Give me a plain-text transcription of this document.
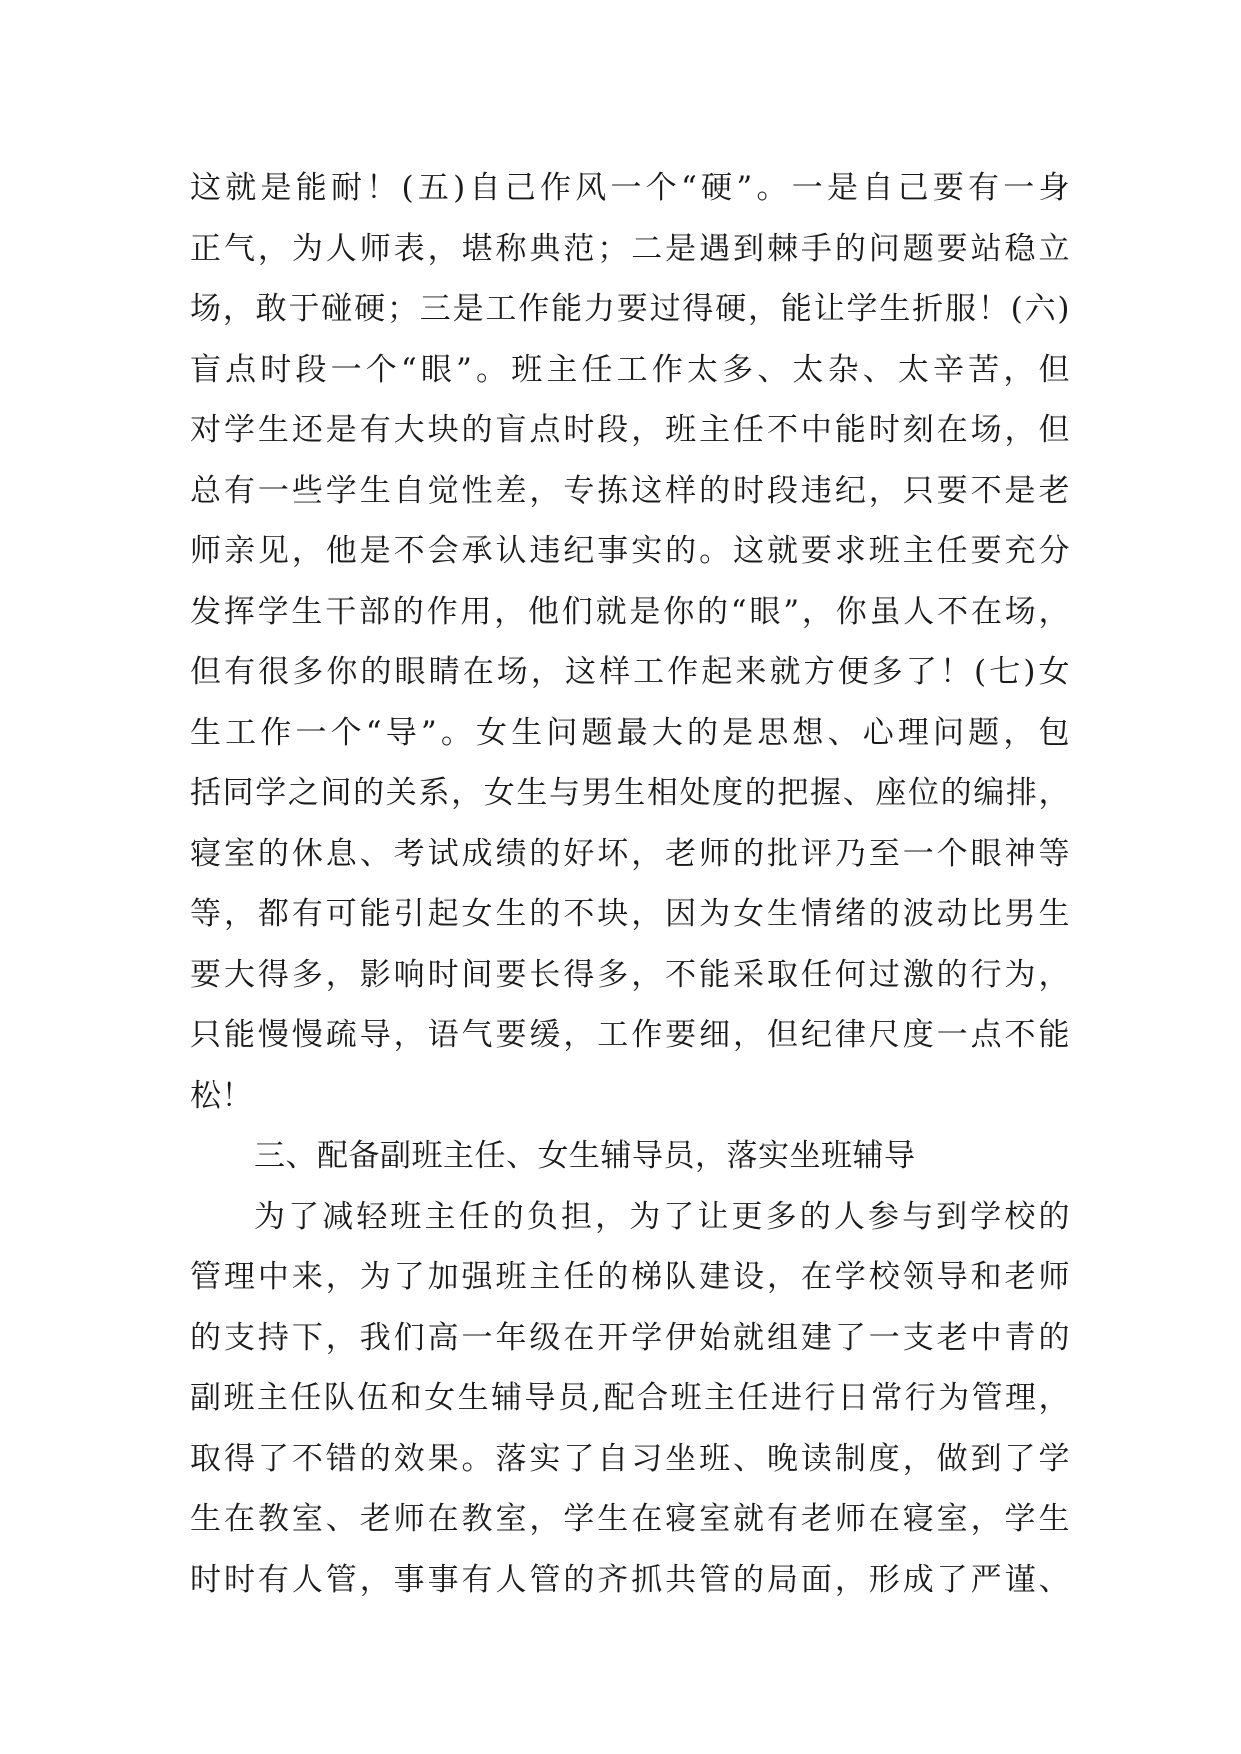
这就是能耐！(五)自己作风一个“硬”。一是自己要有一身
正气，为人师表，堪称典范；二是遇到棘手的问题要站稳立
场，敢于碰硬；三是工作能力要过得硬，能让学生折服！(六)
盲点时段一个“眼”。班主任工作太多、太杂、太辛苦，但
对学生还是有大块的盲点时段，班主任不中能时刻在场，但
总有一些学生自觉性差，专拣这样的时段违纪，只要不是老
师亲见，他是不会承认违纪事实的。这就要求班主任要充分
发挥学生干部的作用，他们就是你的“眼”，你虽人不在场，
但有很多你的眼睛在场，这样工作起来就方便多了！(七)女
生工作一个“导”。女生问题最大的是思想、心理问题，包
括同学之间的关系，女生与男生相处度的把握、座位的编排，
寝室的休息、考试成绩的好坏，老师的批评乃至一个眼神等
等，都有可能引起女生的不块，因为女生情绪的波动比男生
要大得多，影响时间要长得多，不能采取任何过激的行为，
只能慢慢疏导，语气要缓，工作要细，但纪律尺度一点不能
松！
三、配备副班主任、女生辅导员，落实坐班辅导
为了减轻班主任的负担，为了让更多的人参与到学校的
管理中来，为了加强班主任的梯队建设，在学校领导和老师
的支持下，我们高一年级在开学伊始就组建了一支老中青的
副班主任队伍和女生辅导员,配合班主任进行日常行为管理，
取得了不错的效果。落实了自习坐班、晚读制度，做到了学
生在教室、老师在教室，学生在寝室就有老师在寝室，学生
时时有人管，事事有人管的齐抓共管的局面，形成了严谨、
